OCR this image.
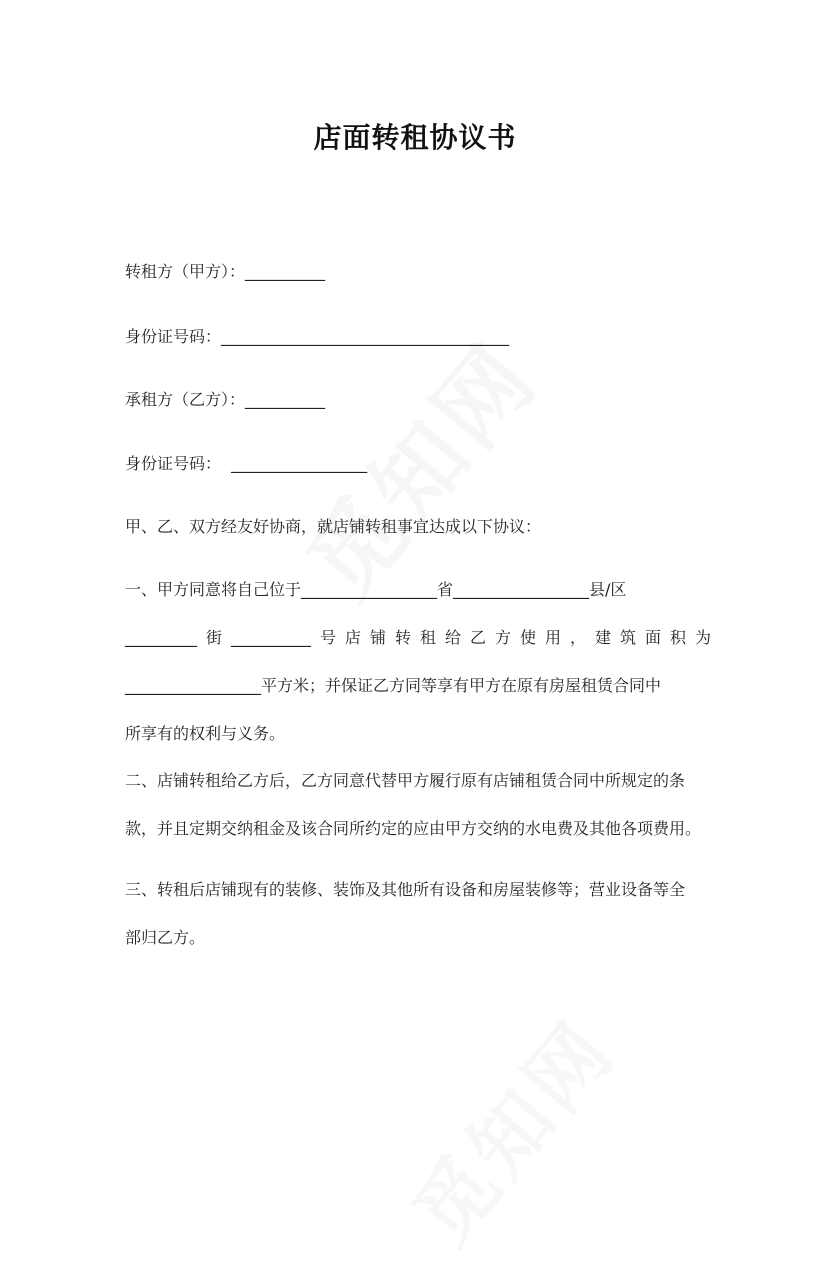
店面转租协议书
转租方（甲方）：__________
身份证号码：____________________________________
承租方（乙方）：__________
身份证号码：  _________________
甲、乙、双方经友好协商，就店铺转租事宜达成以下协议：
一、甲方同意将自己位于_________________省_________________县/区
_________ 街 __________ 号 店 铺 转 租 给 乙 方 使 用 ， 建 筑 面 积 为
_________________平方米；并保证乙方同等享有甲方在原有房屋租赁合同中
所享有的权利与义务。
二、店铺转租给乙方后，乙方同意代替甲方履行原有店铺租赁合同中所规定的条
款，并且定期交纳租金及该合同所约定的应由甲方交纳的水电费及其他各项费用。
三、转租后店铺现有的装修、装饰及其他所有设备和房屋装修等；营业设备等全
部归乙方。
